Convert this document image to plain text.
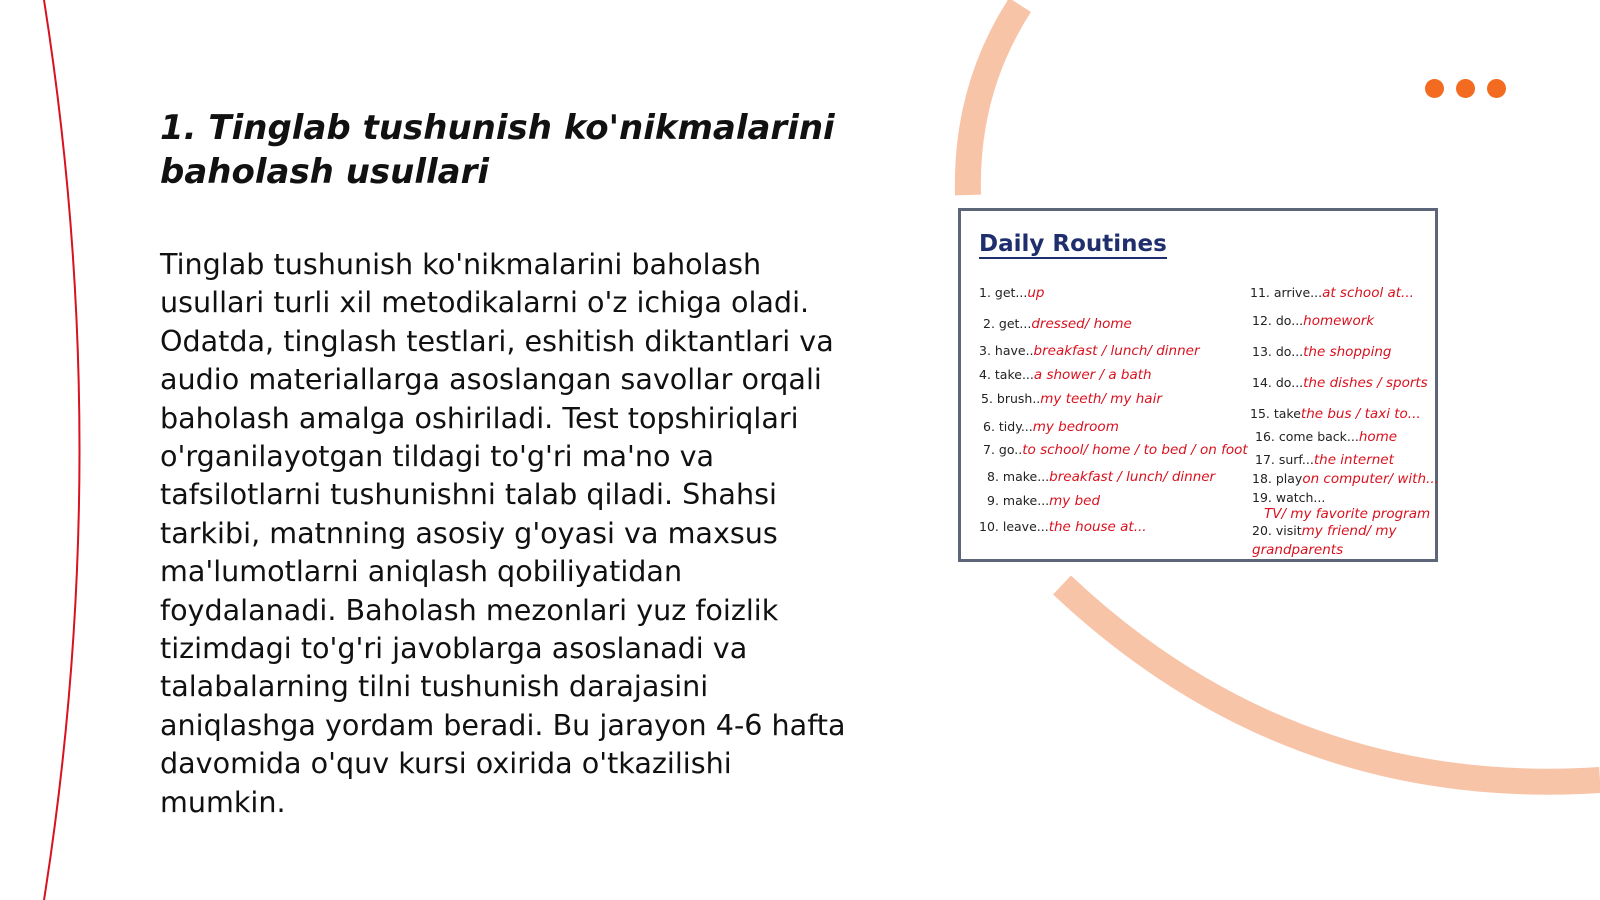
1. Tinglab tushunish ko'nikmalarini baholash usullari

Tinglab tushunish ko'nikmalarini baholash usullari turli xil metodikalarni o'z ichiga oladi. Odatda, tinglash testlari, eshitish diktantlari va audio materiallarga asoslangan savollar orqali baholash amalga oshiriladi. Test topshiriqlari o'rganilayotgan tildagi to'g'ri ma'no va tafsilotlarni tushunishni talab qiladi. Shahsi tarkibi, matnning asosiy g'oyasi va maxsus ma'lumotlarni aniqlash qobiliyatidan foydalanadi. Baholash mezonlari yuz foizlik tizimdagi to'g'ri javoblarga asoslanadi va talabalarning tilni tushunish darajasini aniqlashga yordam beradi. Bu jarayon 4-6 hafta davomida o'quv kursi oxirida o'tkazilishi mumkin.

Daily Routines
1. get...up
2. get...dressed/ home
3. have..breakfast / lunch/ dinner
4. take...a shower / a bath
5. brush..my teeth/ my hair
6. tidy...my bedroom
7. go..to school/ home / to bed / on foot
8. make...breakfast / lunch/ dinner
9. make...my bed
10. leave...the house at...
11. arrive...at school at...
12. do...homework
13. do...the shopping
14. do...the dishes / sports
15. takethe bus / taxi to...
16. come back...home
17. surf...the internet
18. playon computer/ with...
19. watch...
TV/ my favorite program
20. visitmy friend/ my grandparents
